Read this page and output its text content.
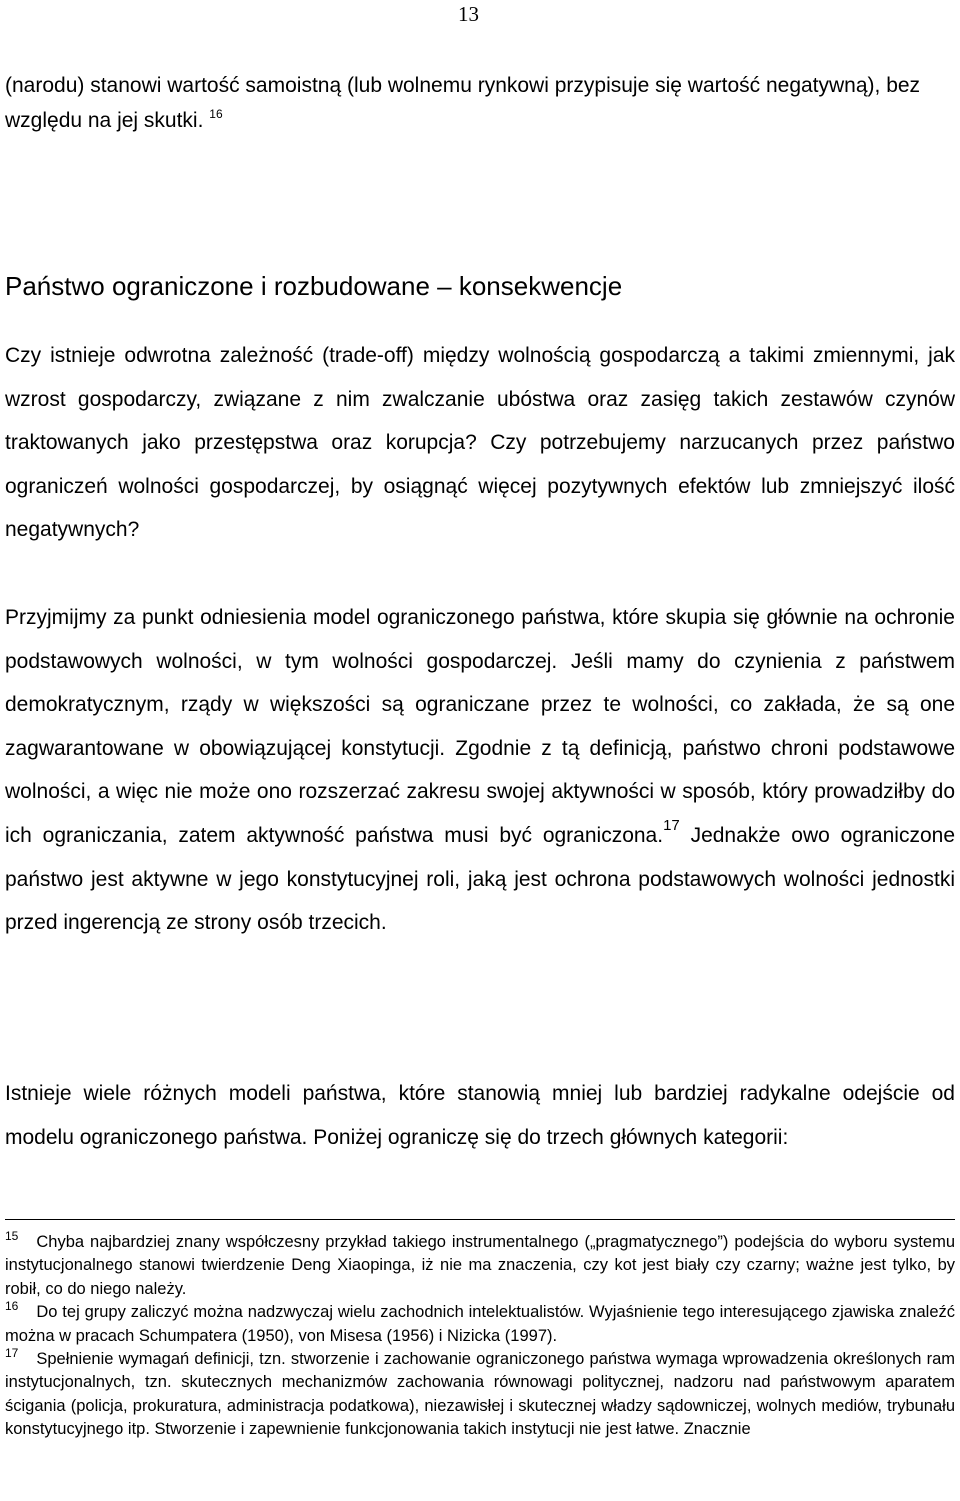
13

(narodu) stanowi wartość samoistną (lub wolnemu rynkowi przypisuje się wartość negatywną), bez względu na jej skutki. $^{16}$

Państwo ograniczone i rozbudowane – konsekwencje

Czy istnieje odwrotna zależność (trade-off) między wolnością gospodarczą a takimi zmiennymi, jak wzrost gospodarczy, związane z nim zwalczanie ubóstwa oraz zasięg takich zestawów czynów traktowanych jako przestępstwa oraz korupcja? Czy potrzebujemy narzucanych przez państwo ograniczeń wolności gospodarczej, by osiągnąć więcej pozytywnych efektów lub zmniejszyć ilość negatywnych?

Przyjmijmy za punkt odniesienia model ograniczonego państwa, które skupia się głównie na ochronie podstawowych wolności, w tym wolności gospodarczej. Jeśli mamy do czynienia z państwem demokratycznym, rządy w większości są ograniczane przez te wolności, co zakłada, że są one zagwarantowane w obowiązującej konstytucji. Zgodnie z tą definicją, państwo chroni podstawowe wolności, a więc nie może ono rozszerzać zakresu swojej aktywności w sposób, który prowadziłby do ich ograniczania, zatem aktywność państwa musi być ograniczona.$^{17}$ Jednakże owo ograniczone państwo jest aktywne w jego konstytucyjnej roli, jaką jest ochrona podstawowych wolności jednostki przed ingerencją ze strony osób trzecich.

Istnieje wiele różnych modeli państwa, które stanowią mniej lub bardziej radykalne odejście od modelu ograniczonego państwa. Poniżej ograniczę się do trzech głównych kategorii:

$^{15}$ Chyba najbardziej znany współczesny przykład takiego instrumentalnego („pragmatycznego”) podejścia do wyboru systemu instytucjonalnego stanowi twierdzenie Deng Xiaopinga, iż nie ma znaczenia, czy kot jest biały czy czarny; ważne jest tylko, by robił, co do niego należy.

$^{16}$ Do tej grupy zaliczyć można nadzwyczaj wielu zachodnich intelektualistów. Wyjaśnienie tego interesującego zjawiska znaleźć można w pracach Schumpatera (1950), von Misesa (1956) i Nizicka (1997).

$^{17}$ Spełnienie wymagań definicji, tzn. stworzenie i zachowanie ograniczonego państwa wymaga wprowadzenia określonych ram instytucjonalnych, tzn. skutecznych mechanizmów zachowania równowagi politycznej, nadzoru nad państwowym aparatem ścigania (policja, prokuratura, administracja podatkowa), niezawisłej i skutecznej władzy sądowniczej, wolnych mediów, trybunału konstytucyjnego itp. Stworzenie i zapewnienie funkcjonowania takich instytucji nie jest łatwe. Znacznie
